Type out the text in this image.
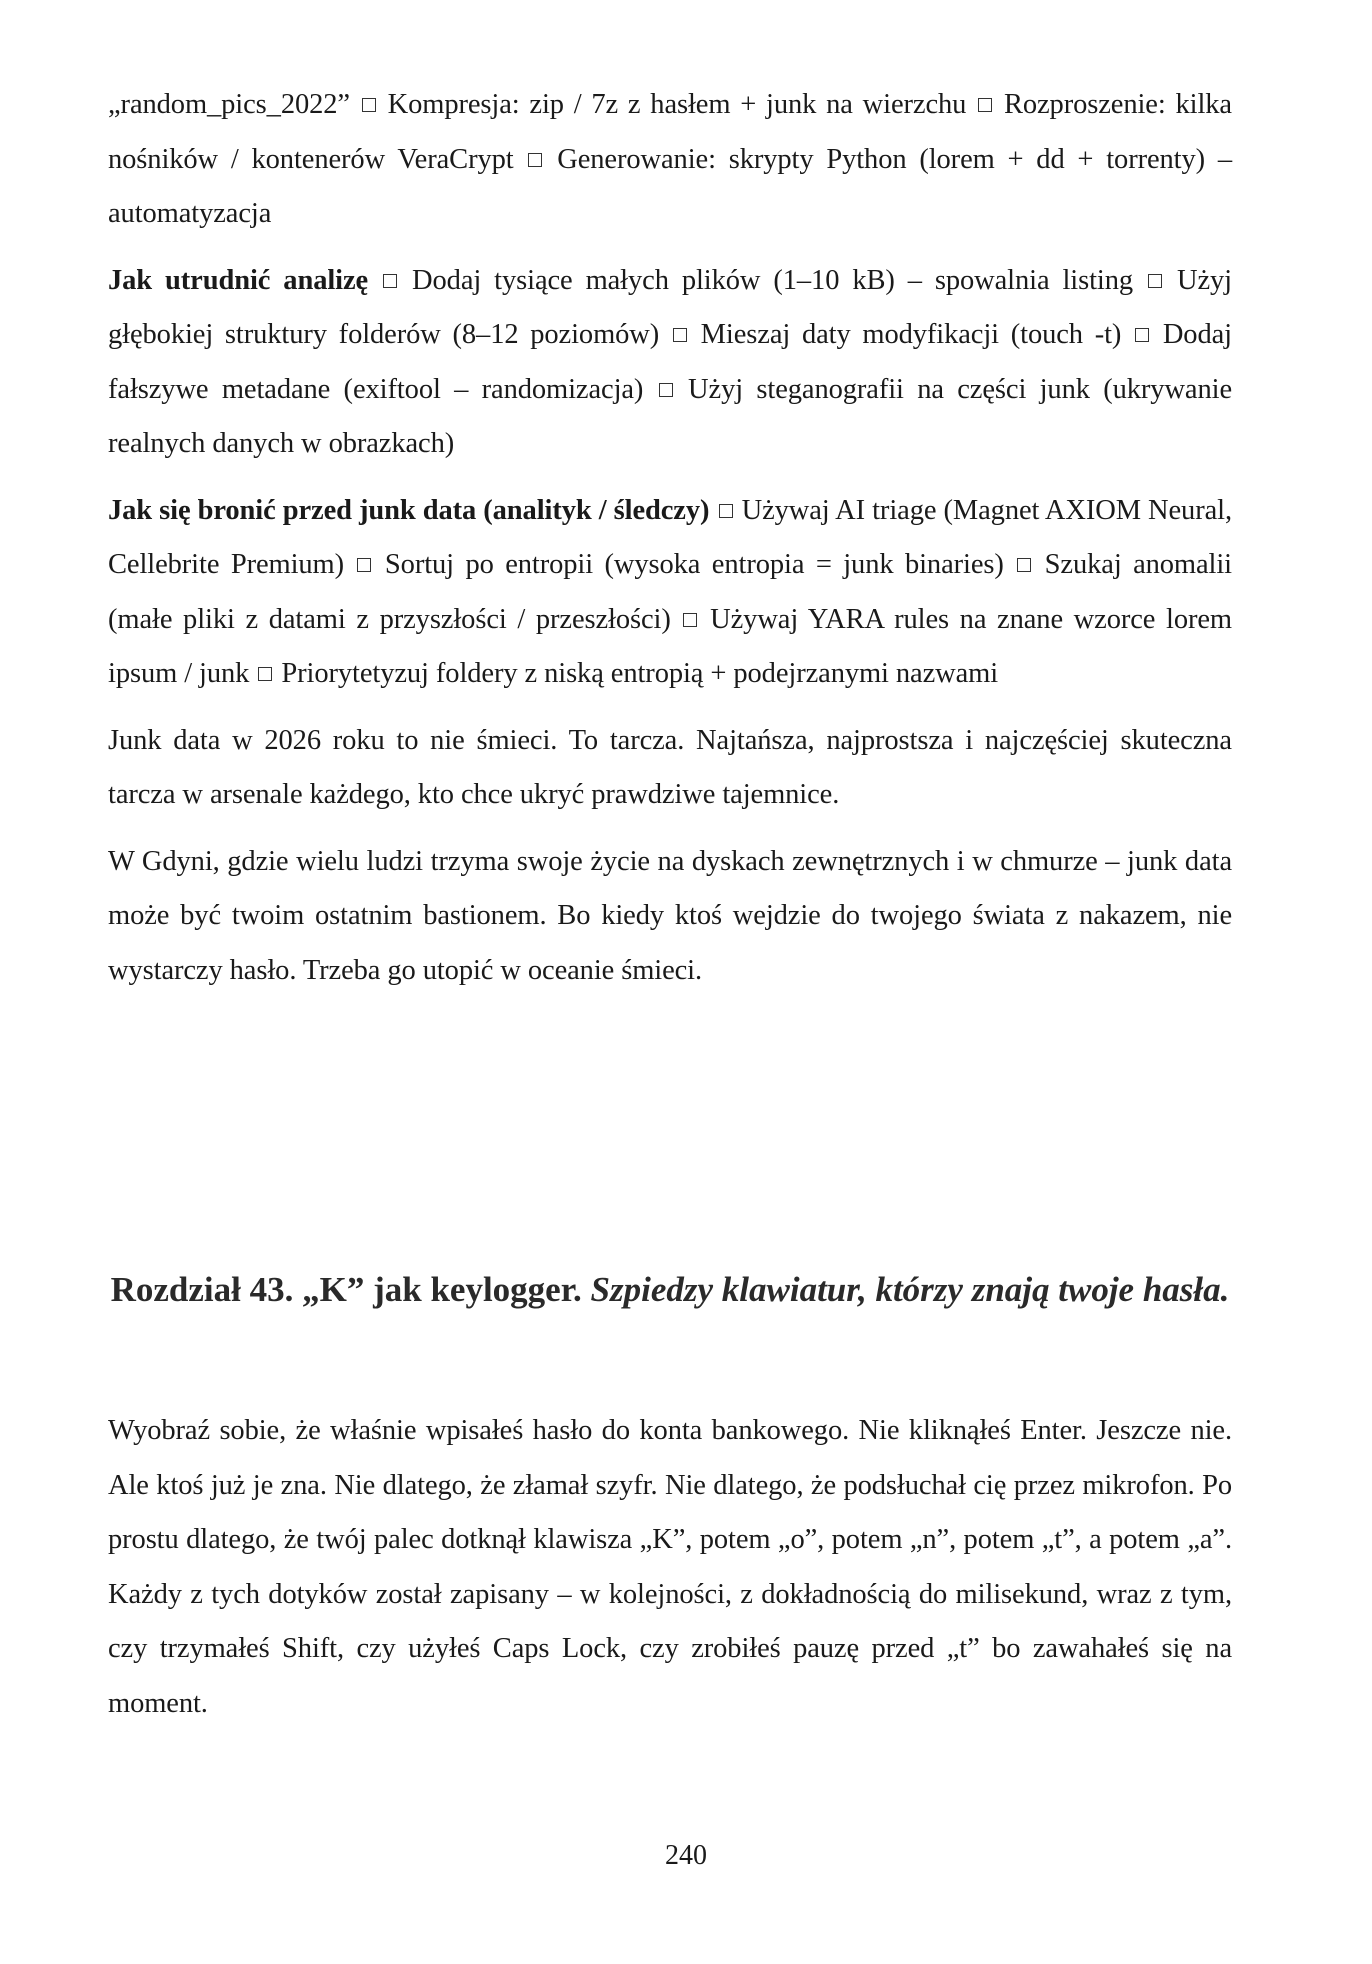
„random_pics_2022”  Kompresja: zip / 7z z hasłem + junk na wierzchu  Rozproszenie: kilka nośników / kontenerów VeraCrypt  Generowanie: skrypty Python (lorem + dd + torrenty) – automatyzacja

Jak utrudnić analizę  Dodaj tysiące małych plików (1–10 kB) – spowalnia listing  Użyj głębokiej struktury folderów (8–12 poziomów)  Mieszaj daty modyfikacji (touch -t)  Dodaj fałszywe metadane (exiftool – randomizacja)  Użyj steganografii na części junk (ukrywanie realnych danych w obrazkach)

Jak się bronić przed junk data (analityk / śledczy)  Używaj AI triage (Magnet AXIOM Neural, Cellebrite Premium)  Sortuj po entropii (wysoka entropia = junk binaries)  Szukaj anomalii (małe pliki z datami z przyszłości / przeszłości)  Używaj YARA rules na znane wzorce lorem ipsum / junk  Priorytetyzuj foldery z niską entropią + podejrzanymi nazwami

Junk data w 2026 roku to nie śmieci. To tarcza. Najtańsza, najprostsza i najczęściej skuteczna tarcza w arsenale każdego, kto chce ukryć prawdziwe tajemnice.

W Gdyni, gdzie wielu ludzi trzyma swoje życie na dyskach zewnętrznych i w chmurze – junk data może być twoim ostatnim bastionem. Bo kiedy ktoś wejdzie do twojego świata z nakazem, nie wystarczy hasło. Trzeba go utopić w oceanie śmieci.

Rozdział 43. „K” jak keylogger. Szpiedzy klawiatur, którzy znają twoje hasła.

Wyobraź sobie, że właśnie wpisałeś hasło do konta bankowego. Nie kliknąłeś Enter. Jeszcze nie. Ale ktoś już je zna. Nie dlatego, że złamał szyfr. Nie dlatego, że podsłuchał cię przez mikrofon. Po prostu dlatego, że twój palec dotknął klawisza „K”, potem „o”, potem „n”, potem „t”, a potem „a”. Każdy z tych dotyków został zapisany – w kolejności, z dokładnością do milisekund, wraz z tym, czy trzymałeś Shift, czy użyłeś Caps Lock, czy zrobiłeś pauzę przed „t” bo zawahałeś się na moment.

240
